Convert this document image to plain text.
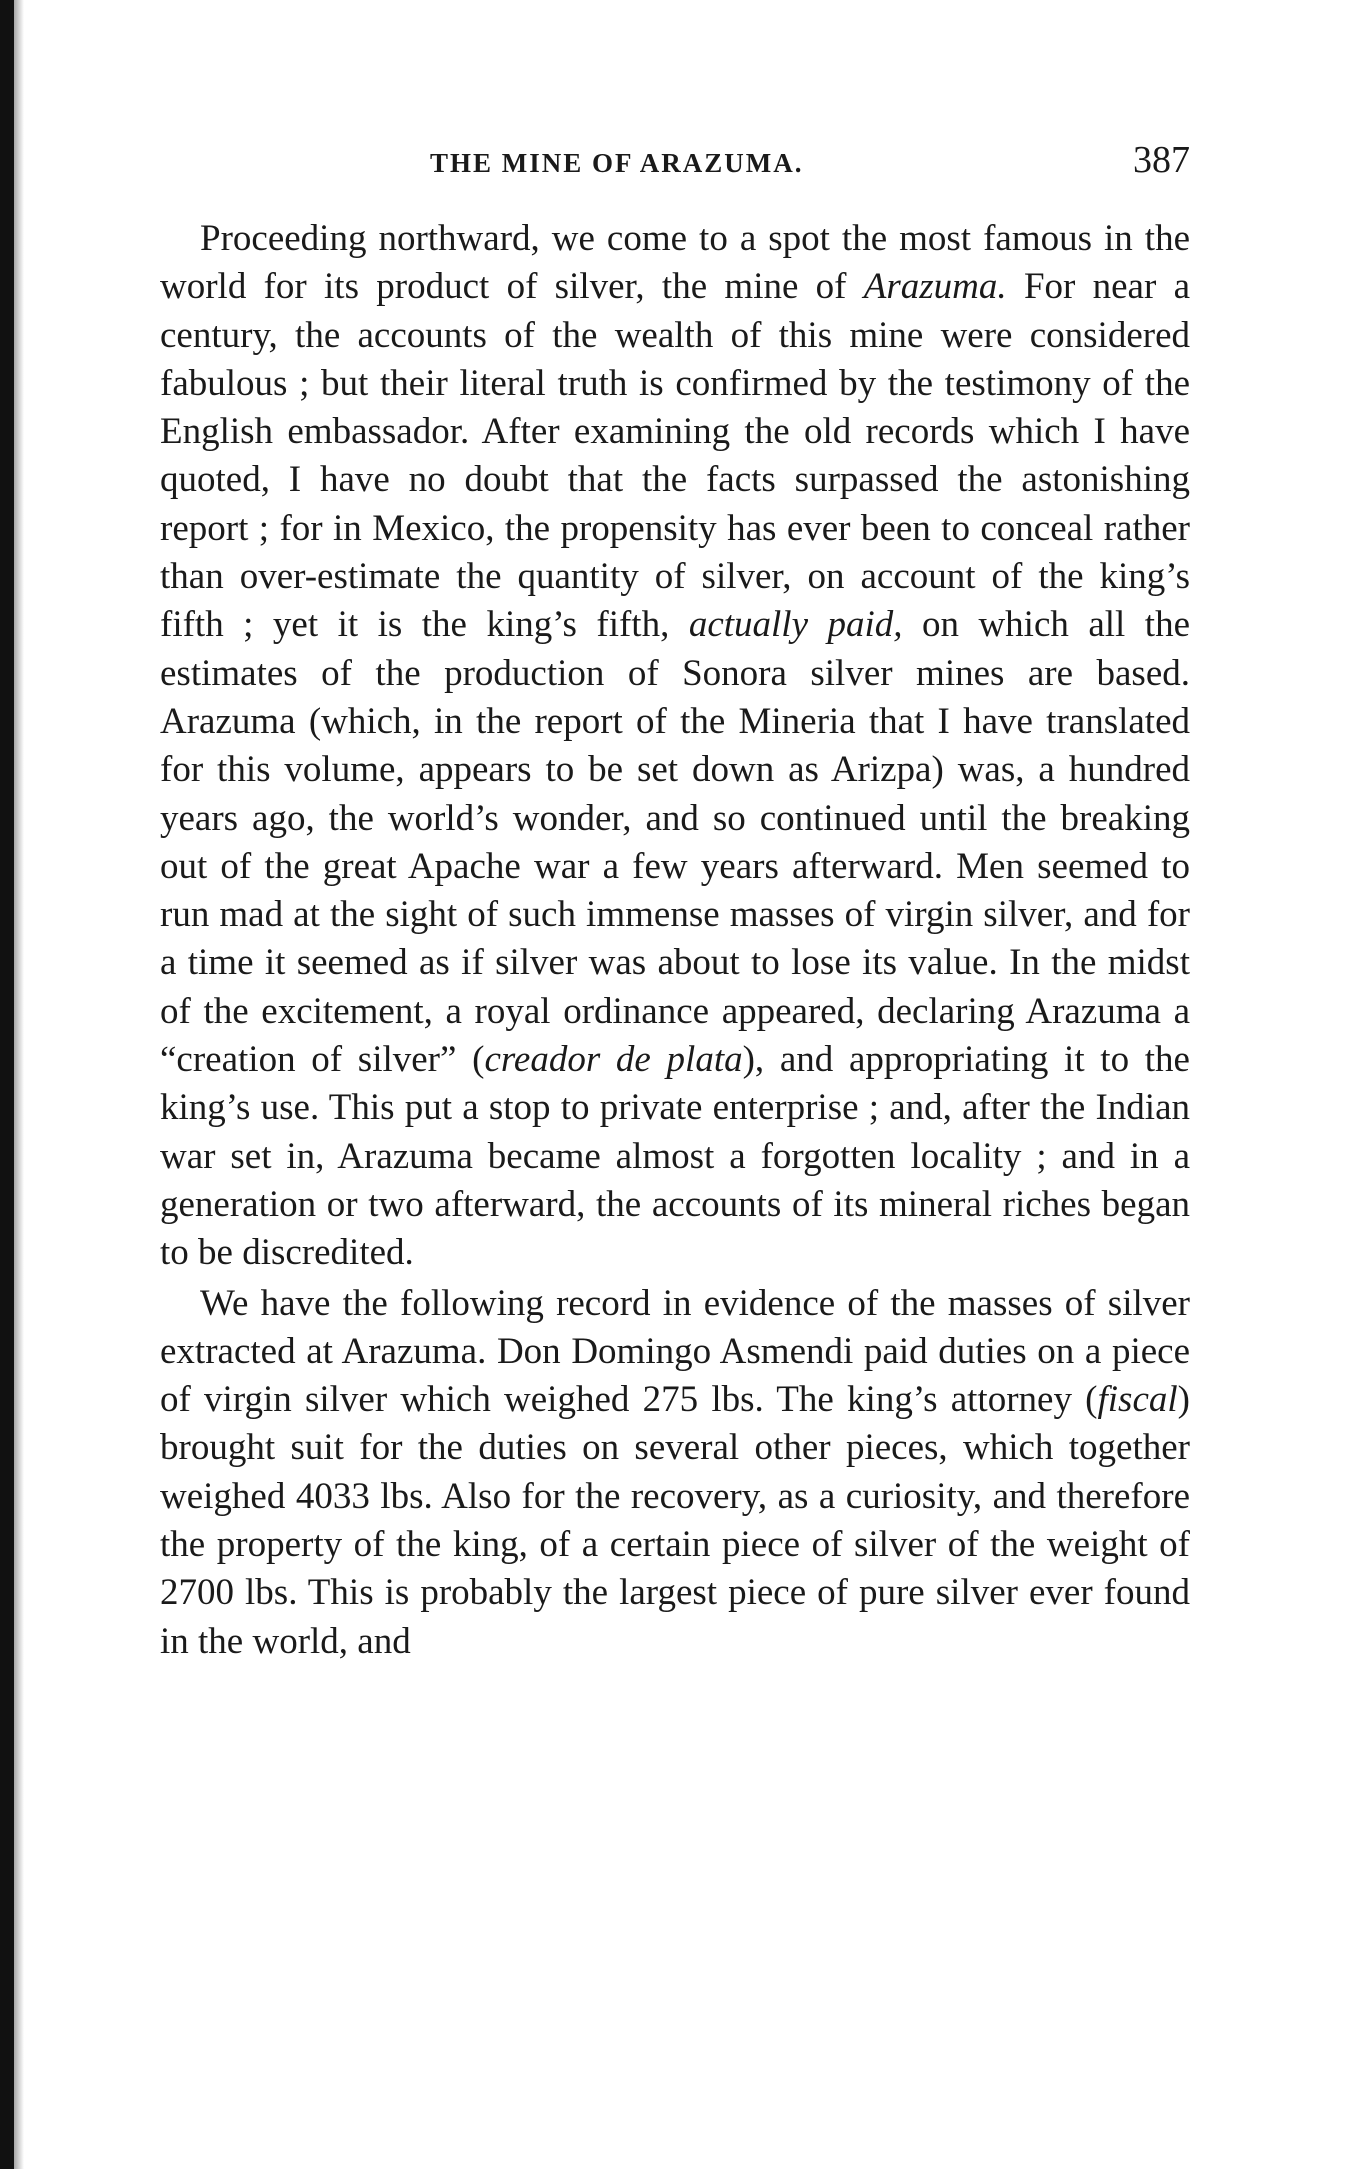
THE MINE OF ARAZUMA.	387

Proceeding northward, we come to a spot the most famous in the world for its product of silver, the mine of Arazuma. For near a century, the accounts of the wealth of this mine were considered fabulous ; but their literal truth is confirmed by the testimony of the English embassador. After examining the old records which I have quoted, I have no doubt that the facts surpassed the astonishing report ; for in Mexico, the propensity has ever been to conceal rather than over-estimate the quantity of silver, on account of the king’s fifth ; yet it is the king’s fifth, actually paid, on which all the estimates of the production of Sonora silver mines are based. Arazuma (which, in the report of the Mineria that I have translated for this volume, appears to be set down as Arizpa) was, a hundred years ago, the world’s wonder, and so continued until the breaking out of the great Apache war a few years afterward. Men seemed to run mad at the sight of such immense masses of virgin silver, and for a time it seemed as if silver was about to lose its value. In the midst of the excitement, a royal ordinance appeared, declaring Arazuma a “creation of silver” (creador de plata), and appropriating it to the king’s use. This put a stop to private enterprise ; and, after the Indian war set in, Arazuma became almost a forgotten locality ; and in a generation or two afterward, the accounts of its mineral riches began to be discredited.

We have the following record in evidence of the masses of silver extracted at Arazuma. Don Domingo Asmendi paid duties on a piece of virgin silver which weighed 275 lbs. The king’s attorney (fiscal) brought suit for the duties on several other pieces, which together weighed 4033 lbs. Also for the recovery, as a curiosity, and therefore the property of the king, of a certain piece of silver of the weight of 2700 lbs. This is probably the largest piece of pure silver ever found in the world, and
